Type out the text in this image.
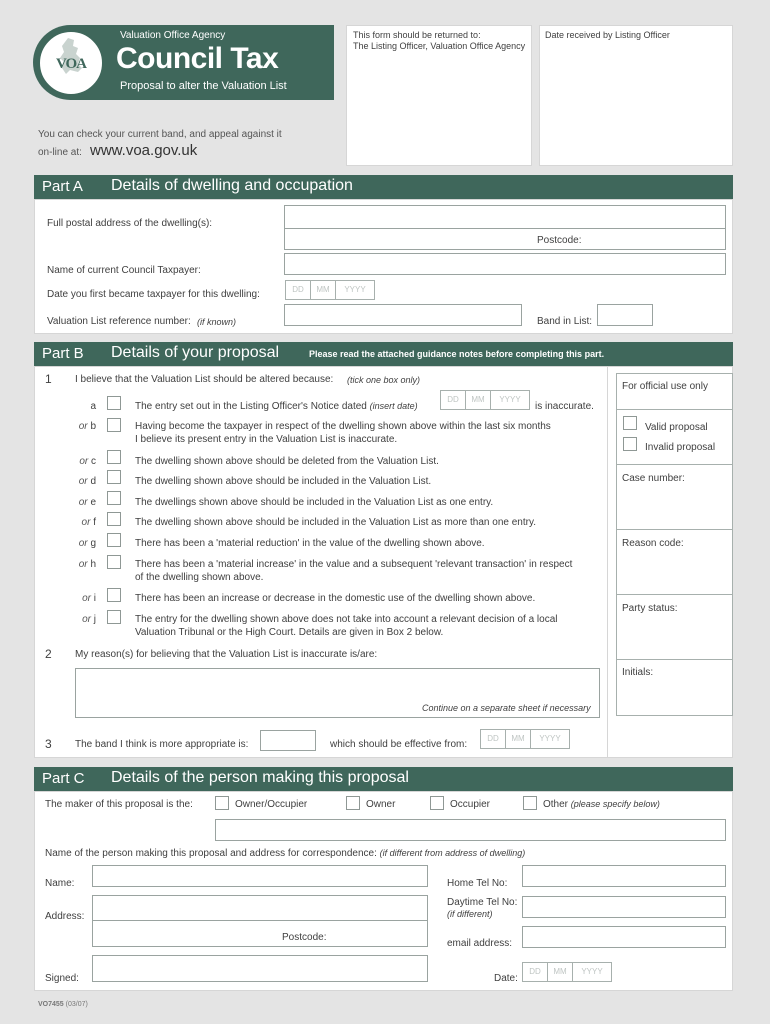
VOA
Valuation Office Agency
Council Tax
Proposal to alter the Valuation List
You can check your current band, and appeal against it
on-line at: www.voa.gov.uk
This form should be returned to:
The Listing Officer, Valuation Office Agency
Date received by Listing Officer
Part A Details of dwelling and occupation
Full postal address of the dwelling(s):
Postcode:
Name of current Council Taxpayer:
Date you first became taxpayer for this dwelling:	DD	MM	YYYY
Valuation List reference number: (if known)	Band in List:
Part B Details of your proposal	Please read the attached guidance notes before completing this part.
1 I believe that the Valuation List should be altered because: (tick one box only)
a	The entry set out in the Listing Officer's Notice dated (insert date)
DD	MM	YYYY
is inaccurate.
or b	Having become the taxpayer in respect of the dwelling shown above within the last six months
I believe its present entry in the Valuation List is inaccurate.
or c	The dwelling shown above should be deleted from the Valuation List.
or d	The dwelling shown above should be included in the Valuation List.
or e	The dwellings shown above should be included in the Valuation List as one entry.
or f	The dwelling shown above should be included in the Valuation List as more than one entry.
or g	There has been a 'material reduction' in the value of the dwelling shown above.
or h	There has been a 'material increase' in the value and a subsequent 'relevant transaction' in respect
of the dwelling shown above.
or i	There has been an increase or decrease in the domestic use of the dwelling shown above.
or j	The entry for the dwelling shown above does not take into account a relevant decision of a local
Valuation Tribunal or the High Court. Details are given in Box 2 below.
2 My reason(s) for believing that the Valuation List is inaccurate is/are:
Continue on a separate sheet if necessary
3 The band I think is more appropriate is:	which should be effective from:
DD	MM	YYYY
For official use only
Valid proposal
Invalid proposal
Case number:
Reason code:
Party status:
Initials:
Part C Details of the person making this proposal
The maker of this proposal is the:	Owner/Occupier	Owner	Occupier	Other (please specify below)
Name of the person making this proposal and address for correspondence: (if different from address of dwelling)
Name:
Address:
Postcode:
Signed:
Home Tel No:
Daytime Tel No:
(if different)
email address:
Date:
DD	MM	YYYY
VO7455 (03/07)
